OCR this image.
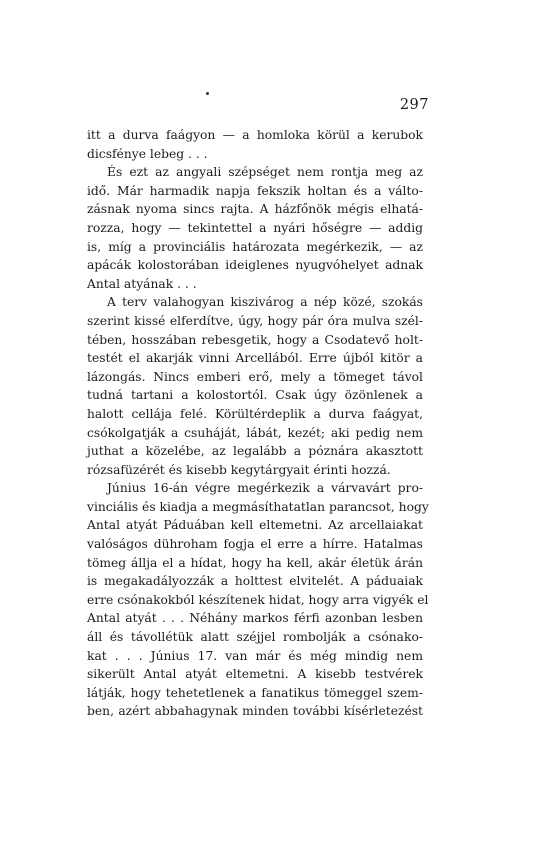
297
itt a durva faágyon — a homloka körül a kerubok
dicsfénye lebeg . . .
És ezt az angyali szépséget nem rontja meg az
idő. Már harmadik napja fekszik holtan és a válto-
zásnak nyoma sincs rajta. A házfőnök mégis elhatá-
rozza, hogy — tekintettel a nyári hőségre — addig
is, míg a provinciális határozata megérkezik, — az
apácák kolostorában ideiglenes nyugvóhelyet adnak
Antal atyának . . .
A terv valahogyan kiszivárog a nép közé, szokás
szerint kissé elferdítve, úgy, hogy pár óra mulva szél-
tében, hosszában rebesgetik, hogy a Csodatevő holt-
testét el akarják vinni Arcellából. Erre újból kitör a
lázongás. Nincs emberi erő, mely a tömeget távol
tudná tartani a kolostortól. Csak úgy özönlenek a
halott cellája felé. Körültérdeplik a durva faágyat,
csókolgatják a csuháját, lábát, kezét; aki pedig nem
juthat a közelébe, az legalább a póznára akasztott
rózsafüzérét és kisebb kegytárgyait érinti hozzá.
Június 16-án végre megérkezik a várvavárt pro-
vinciális és kiadja a megmásíthatatlan parancsot, hogy
Antal atyát Páduában kell eltemetni. Az arcellaiakat
valóságos dühroham fogja el erre a hírre. Hatalmas
tömeg állja el a hídat, hogy ha kell, akár életük árán
is megakadályozzák a holttest elvitelét. A páduaiak
erre csónakokból készítenek hidat, hogy arra vigyék el
Antal atyát . . . Néhány markos férfi azonban lesben
áll és távollétük alatt széjjel rombolják a csónako-
kat . . . Június 17. van már és még mindig nem
sikerült Antal atyát eltemetni. A kisebb testvérek
látják, hogy tehetetlenek a fanatikus tömeggel szem-
ben, azért abbahagynak minden további kísérletezést
